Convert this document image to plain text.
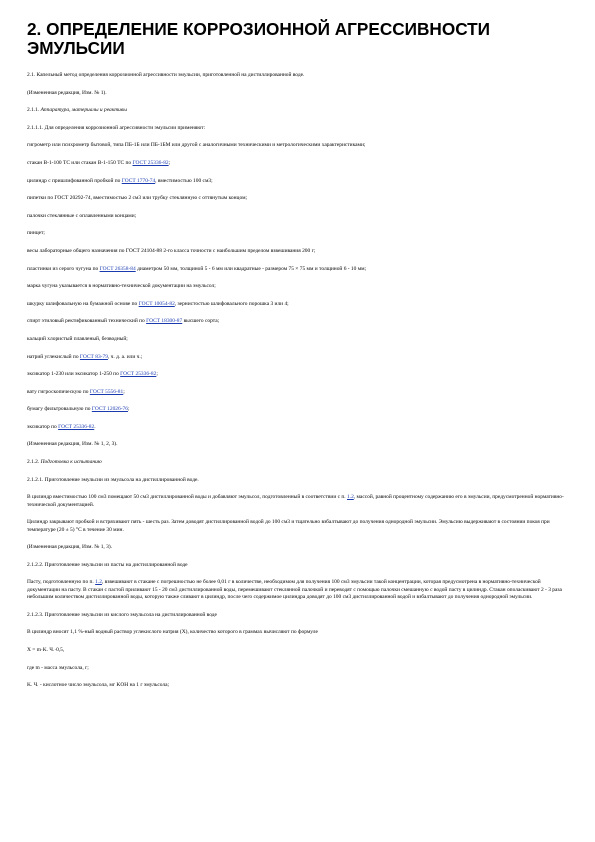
2. ОПРЕДЕЛЕНИЕ КОРРОЗИОННОЙ АГРЕССИВНОСТИ ЭМУЛЬСИИ

2.1. Капельный метод определения коррозионной агрессивности эмульсии, приготовленной на дистиллированной воде.

(Измененная редакция, Изм. № 1).

2.1.1. Аппаратура, материалы и реактивы

2.1.1.1. Для определения коррозионной агрессивности эмульсии применяют:

гигрометр или психрометр бытовой, типа ПБ-1Б или ПБ-1БМ или другой с аналогичными техническими и метрологическими характеристиками;

стакан В-1-100 ТС или стакан В-1-150 ТС по ГОСТ 25336-82;

цилиндр с пришлифованной пробкой по ГОСТ 1770-74, вместимостью 100 см3;

пипетки по ГОСТ 20292-74, вместимостью 2 см3 или трубку стеклянную с оттянутым концом;

палочки стеклянные с оплавленными концами;

пинцет;

весы лабораторные общего назначения по ГОСТ 24104-88 2-го класса точности с наибольшим пределом взвешивания 200 г;

пластинки из серого чугуна по ГОСТ 26358-84 диаметром 50 мм, толщиной 5 - 6 мм или квадратные - размером 75 × 75 мм и толщиной 6 - 10 мм;

марка чугуна указывается в нормативно-технической документации на эмульсол;

шкурку шлифовальную на бумажной основе по ГОСТ 10054-82, зернистостью шлифовального порошка 3 или 4;

спирт этиловый ректификованный технический по ГОСТ 18300-87 высшего сорта;

кальций хлористый плавленый, безводный;

натрий углекислый по ГОСТ 83-79, ч. д. а. или ч.;

эксикатор 1-230 или эксикатор 1-250 по ГОСТ 25336-82;

вату гигроскопическую по ГОСТ 5556-81;

бумагу фильтровальную по ГОСТ 12026-76;

эксикатор по ГОСТ 25336-82.

(Измененная редакция, Изм. № 1, 2, 3).

2.1.2. Подготовка к испытанию

2.1.2.1. Приготовление эмульсии из эмульсола на дистиллированной воде.

В цилиндр вместимостью 100 см3 помещают 50 см3 дистиллированной воды и добавляют эмульсол, подготовленный в соответствии с п. 1.2, массой, равной процентному содержанию его в эмульсии, предусмотренной нормативно-технической документацией.

Цилиндр закрывают пробкой и встряхивают пять - шесть раз. Затем доводят дистиллированной водой до 100 см3 и тщательно взбалтывают до получения однородной эмульсии. Эмульсию выдерживают в состоянии покоя при температуре (20 ± 5) °С в течение 30 мин.

(Измененная редакция, Изм. № 1, 3).

2.1.2.2. Приготовление эмульсии из пасты на дистиллированной воде

Пасту, подготовленную по п. 1.2, взвешивают в стакане с погрешностью не более 0,01 г в количестве, необходимом для получения 100 см3 эмульсии такой концентрации, которая предусмотрена в нормативно-технической документации на пасту. В стакан с пастой приливают 15 - 20 см3 дистиллированной воды, перемешивают стеклянной палочкой и переводят с помощью палочки смешанную с водой пасту в цилиндр. Стакан ополаскивают 2 - 3 раза небольшим количеством дистиллированной воды, которую также сливают в цилиндр, после чего содержимое цилиндра доводят до 100 см3 дистиллированной водой и взбалтывают до получения однородной эмульсии.

2.1.2.3. Приготовление эмульсии из кислого эмульсола на дистиллированной воде

В цилиндр вносят 1,1 %-ный водный раствор углекислого натрия (X), количество которого в граммах вычисляют по формуле

X = m·K. Ч.·0,5,

где m - масса эмульсола, г;

K. Ч. - кислотное число эмульсола, мг KOH на 1 г эмульсола;
